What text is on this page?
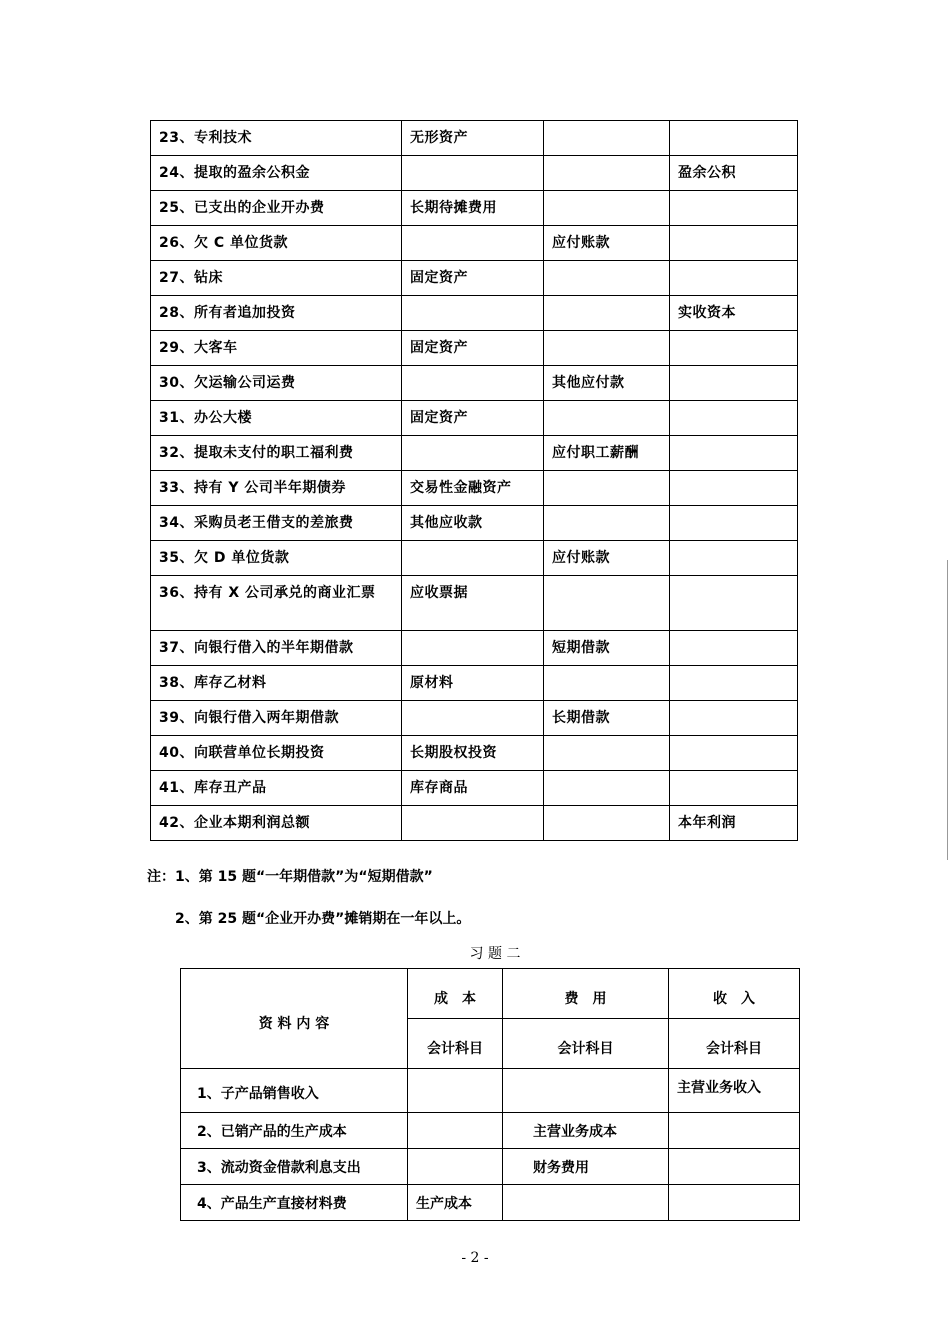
23、专利技术	无形资产		
24、提取的盈余公积金			盈余公积
25、已支出的企业开办费	长期待摊费用		
26、欠 C 单位货款		应付账款	
27、钻床	固定资产		
28、所有者追加投资			实收资本
29、大客车	固定资产		
30、欠运输公司运费		其他应付款	
31、办公大楼	固定资产		
32、提取未支付的职工福利费		应付职工薪酬	
33、持有 Y 公司半年期债券	交易性金融资产		
34、采购员老王借支的差旅费	其他应收款		
35、欠 D 单位货款		应付账款	
36、持有 X 公司承兑的商业汇票	应收票据		
37、向银行借入的半年期借款		短期借款	
38、库存乙材料	原材料		
39、向银行借入两年期借款		长期借款	
40、向联营单位长期投资	长期股权投资		
41、库存丑产品	库存商品		
42、企业本期利润总额			本年利润
注：1、第 15 题“一年期借款”为“短期借款”
2、第 25 题“企业开办费”摊销期在一年以上。
习 题 二
资 料 内 容	成　本	费　用	收　入
	会计科目	会计科目	会计科目
1、子产品销售收入			主营业务收入
2、已销产品的生产成本		主营业务成本	
3、流动资金借款利息支出		财务费用	
4、产品生产直接材料费	生产成本		
- 2 -
